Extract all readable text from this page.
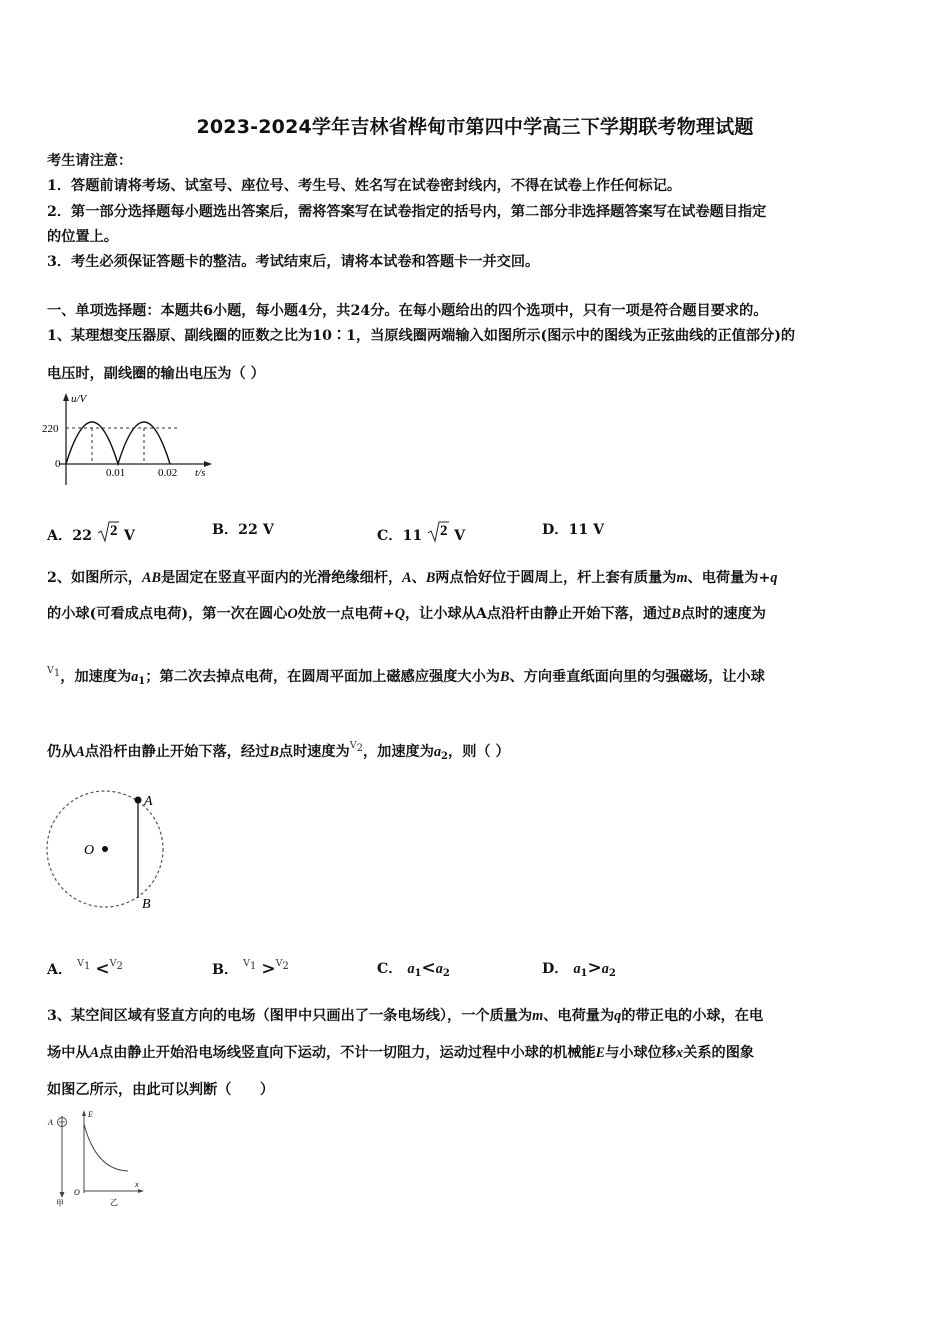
2023-2024学年吉林省桦甸市第四中学高三下学期联考物理试题
考生请注意：
1．答题前请将考场、试室号、座位号、考生号、姓名写在试卷密封线内，不得在试卷上作任何标记。
2．第一部分选择题每小题选出答案后，需将答案写在试卷指定的括号内，第二部分非选择题答案写在试卷题目指定
的位置上。
3．考生必须保证答题卡的整洁。考试结束后，请将本试卷和答题卡一并交回。
一、单项选择题：本题共6小题，每小题4分，共24分。在每小题给出的四个选项中，只有一项是符合题目要求的。
1、某理想变压器原、副线圈的匝数之比为10∶1，当原线圈两端输入如图所示(图示中的图线为正弦曲线的正值部分)的
电压时，副线圈的输出电压为（ ）
u/V
220
0
0.01	0.02 t/s
A．22 2 V	B．22 V	C．11 2 V	D．11 V
2、如图所示，AB是固定在竖直平面内的光滑绝缘细杆，A、B两点恰好位于圆周上，杆上套有质量为m、电荷量为+q
的小球(可看成点电荷)，第一次在圆心O处放一点电荷+Q，让小球从A点沿杆由静止开始下落，通过B点时的速度为
$^{V1}$，加速度为$a_1$；第二次去掉点电荷，在圆周平面加上磁感应强度大小为B、方向垂直纸面向里的匀强磁场，让小球
仍从A点沿杆由静止开始下落，经过B点时速度为$^{V2}$，加速度为$a_2$，则（ ）
A
O
B
A． $^{V1}$ <$^{V2}$	B． $^{V1}$ >$^{V2}$	C． $a_1<a_2$	D． $a_1>a_2$
3、某空间区域有竖直方向的电场（图甲中只画出了一条电场线），一个质量为m、电荷量为q的带正电的小球，在电
场中从A点由静止开始沿电场线竖直向下运动，不计一切阻力，运动过程中小球的机械能E与小球位移x关系的图象
如图乙所示，由此可以判断（　　）
A
甲
E
x
O
乙
